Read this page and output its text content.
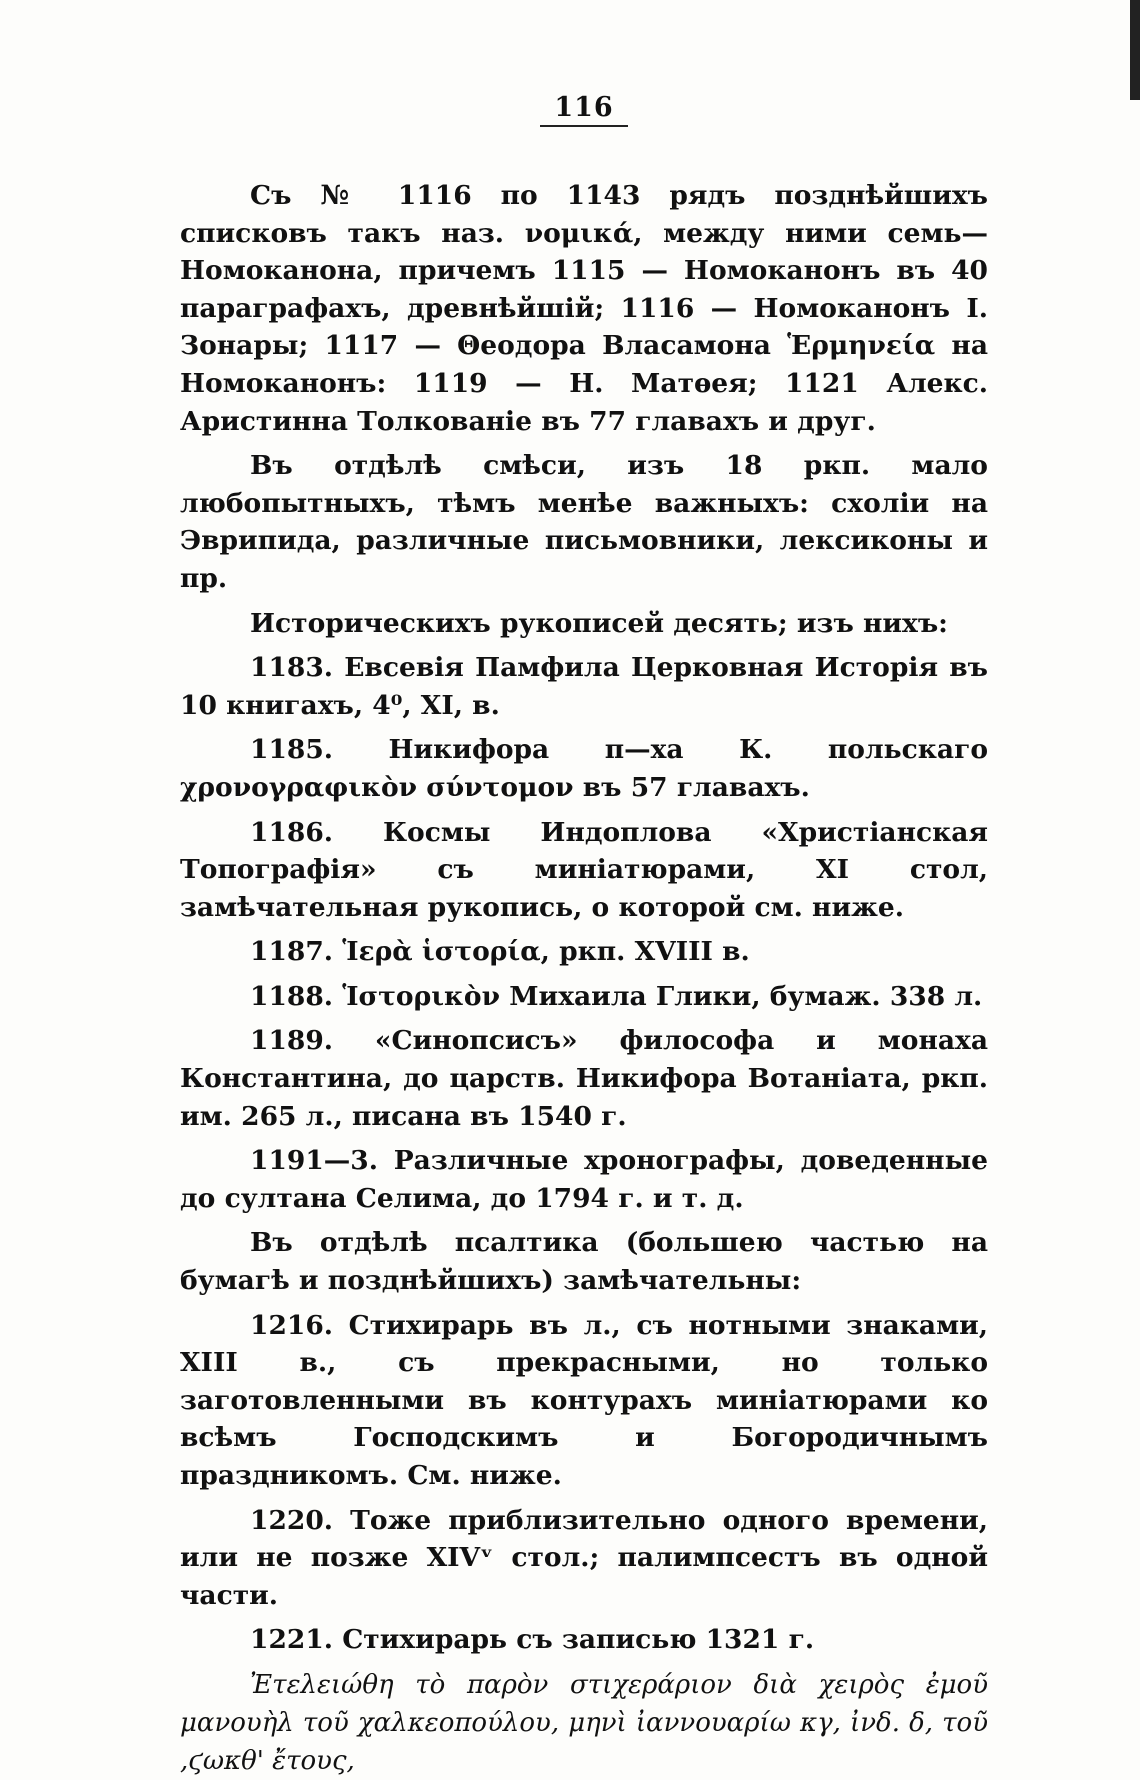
116

Съ № 1116 по 1143 рядъ позднѣйшихъ списковъ такъ наз. νομικά, между ними семь—Номоканона, причемъ 1115 — Номоканонъ въ 40 параграфахъ, древнѣйшій; 1116 — Номоканонъ I. Зонары; 1117 — Θеодора Власамона Ἑρμηνεία на Номоканонъ: 1119 — Н. Матѳея; 1121 Алекс. Аристинна Толкованіе въ 77 главахъ и друг.

Въ отдѣлѣ смѣси, изъ 18 ркп. мало любопытныхъ, тѣмъ менѣе важныхъ: схоліи на Эврипида, различные письмовники, лексиконы и пр.

Историческихъ рукописей десять; изъ нихъ:

1183. Евсевія Памфила Церковная Исторія въ 10 книгахъ, 4⁰, XI, в.

1185. Никифора п—ха К. польскаго χρονογραφικὸν σύντομον въ 57 главахъ.

1186. Космы Индоплова «Христіанская Топографія» съ миніатюрами, XI стол, замѣчательная рукопись, о которой см. ниже.

1187. Ἱερὰ ἱστορία, ркп. XVIII в.

1188. Ἱστορικὸν Михаила Глики, бумаж. 338 л.

1189. «Синопсисъ» философа и монаха Константина, до царств. Никифора Вотаніата, ркп. им. 265 л., писана въ 1540 г.

1191—3. Различные хронографы, доведенные до султана Селима, до 1794 г. и т. д.

Въ отдѣлѣ псалтика (большею частью на бумагѣ и позднѣйшихъ) замѣчательны:

1216. Стихирарь въ л., съ нотными знаками, XIII в., съ прекрасными, но только заготовленными въ контурахъ миніатюрами ко всѣмъ Господскимъ и Богородичнымъ праздникомъ. См. ниже.

1220. Тоже приблизительно одного времени, или не позже XIVᵛ стол.; палимпсестъ въ одной части.

1221. Стихирарь съ записью 1321 г.

Ἐτελειώθη τὸ παρὸν στιχεράριον διὰ χειρὸς ἐμοῦ μανουὴλ τοῦ χαλκεοπούλου, μηνὶ ἰαννουαρίω κγ, ἰνδ. δ, τοῦ ,ϛωκθ' ἔτους,
